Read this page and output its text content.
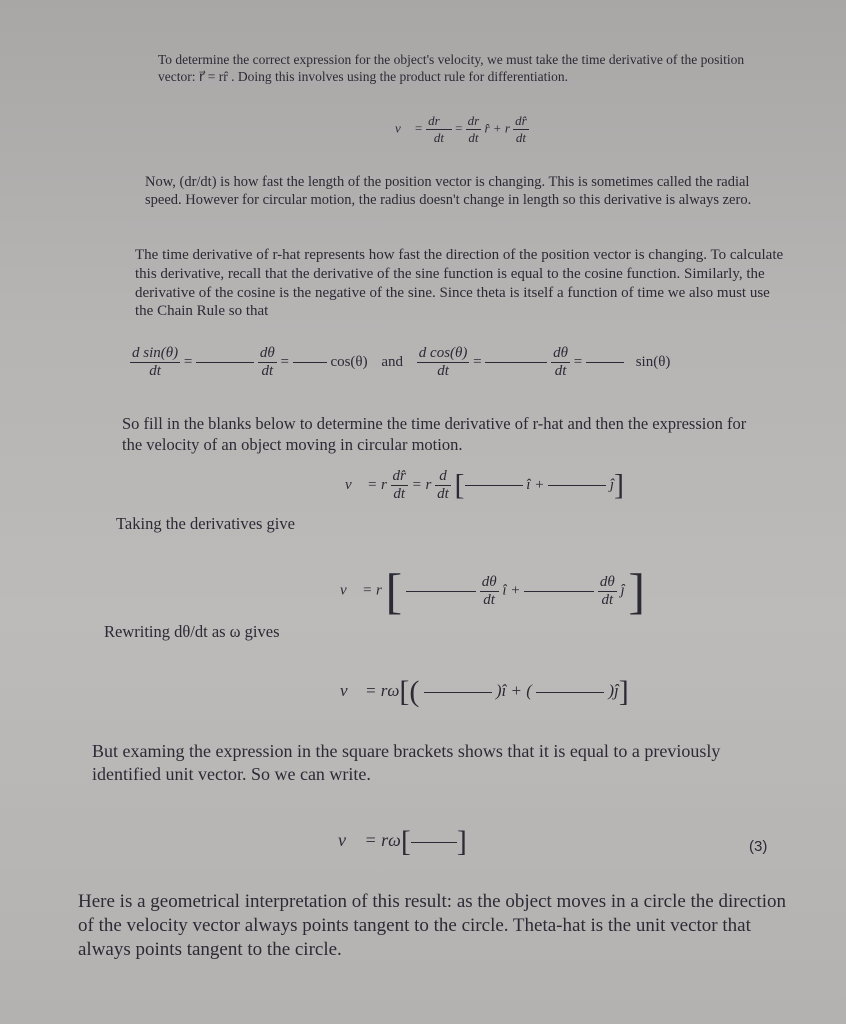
To determine the correct expression for the object's velocity, we must take the time derivative of the position vector: r⃗ = rr̂ . Doing this involves using the product rule for differentiation.
v⃗ = $\frac{dr⃗}{dt} = \frac{dr}{dt}$ r̂ + r $\frac{dr̂}{dt}$
Now, (dr/dt) is how fast the length of the position vector is changing. This is sometimes called the radial speed. However for circular motion, the radius doesn't change in length so this derivative is always zero.
The time derivative of r-hat represents how fast the direction of the position vector is changing. To calculate this derivative, recall that the derivative of the sine function is equal to the cosine function. Similarly, the derivative of the cosine is the negative of the sine. Since theta is itself a function of time we also must use the Chain Rule so that
$\frac{\text{d sin(θ)}}{dt}$ =	$\frac{d\theta}{dt}$ =	cos(θ) and $\frac{\text{d cos(θ)}}{dt}$ =	$\frac{d\theta}{dt}$ =	sin(θ)
So fill in the blanks below to determine the time derivative of r-hat and then the expression for the velocity of an object moving in circular motion.
v⃗ = r $\frac{dr̂}{dt} = r \frac{d}{dt}$ [	î +	ĵ]
Taking the derivatives give
v⃗ = r [	$\frac{d\theta}{dt}$ î +	$\frac{d\theta}{dt}$ ĵ ]
Rewriting dθ/dt as ω gives
v⃗ = rω[(	)î + (	)ĵ]
But examing the expression in the square brackets shows that it is equal to a previously identified unit vector. So we can write.
v⃗ = rω[ ]	(3)
Here is a geometrical interpretation of this result: as the object moves in a circle the direction of the velocity vector always points tangent to the circle. Theta-hat is the unit vector that always points tangent to the circle.
